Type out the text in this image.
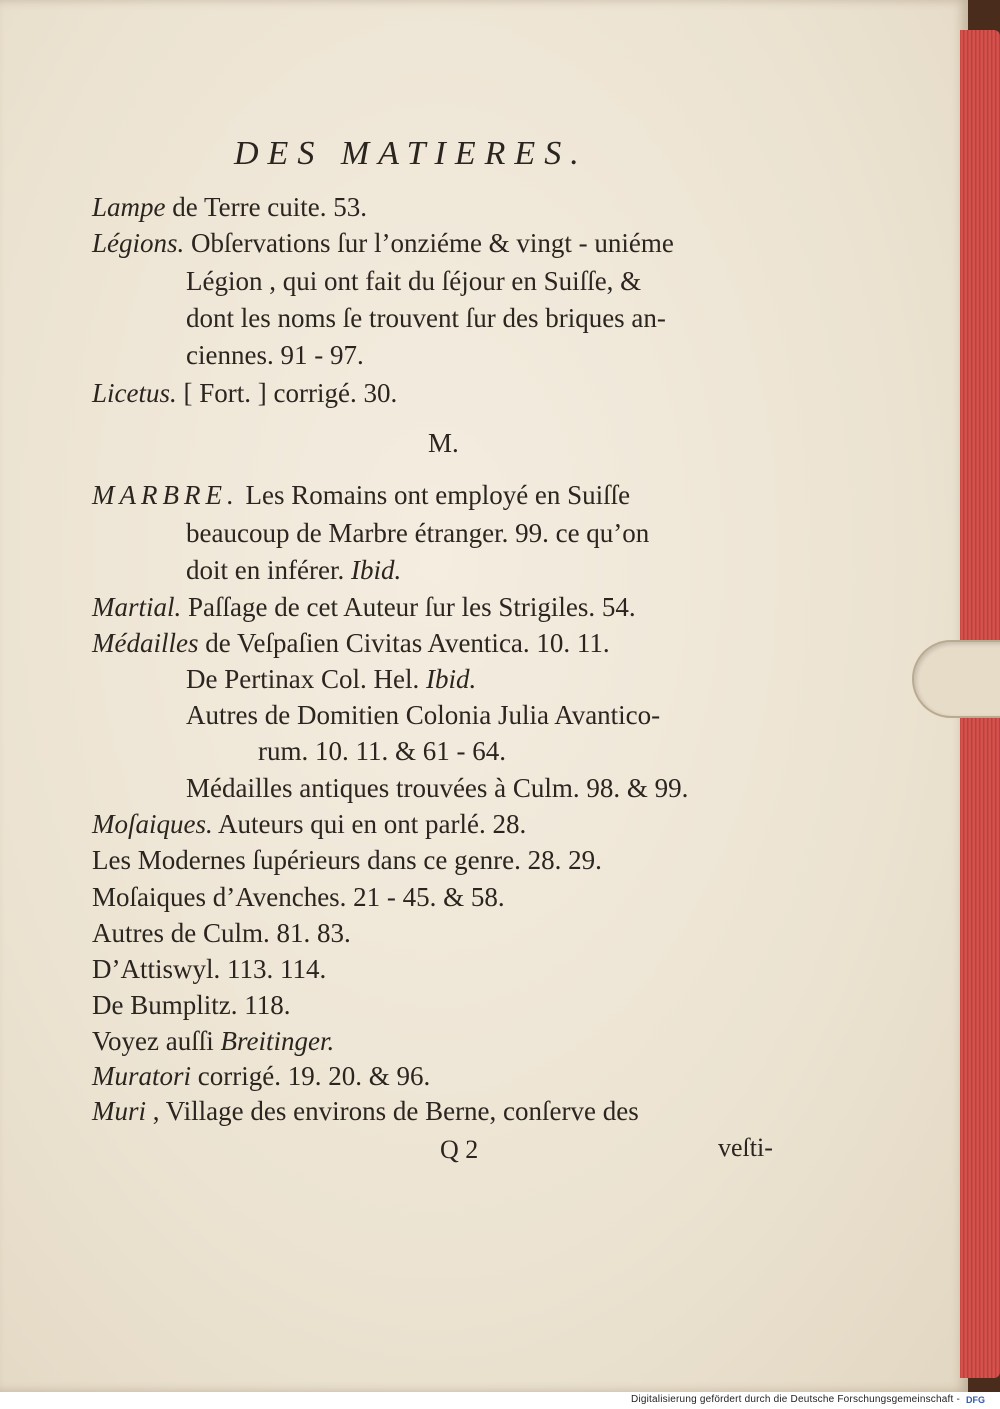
DES MATIERES.
Lampe de Terre cuite. 53.
Légions. Obſervations ſur l’onziéme & vingt - uniéme
Légion , qui ont fait du ſéjour en Suiſſe, &
dont les noms ſe trouvent ſur des briques an-
ciennes. 91 - 97.
Licetus. [ Fort. ] corrigé. 30.
M.
MARBRE. Les Romains ont employé en Suiſſe
beaucoup de Marbre étranger. 99. ce qu’on
doit en inférer. Ibid.
Martial. Paſſage de cet Auteur ſur les Strigiles. 54.
Médailles de Veſpaſien Civitas Aventica. 10. 11.
De Pertinax Col. Hel. Ibid.
Autres de Domitien Colonia Julia Avantico-
rum. 10. 11. & 61 - 64.
Médailles antiques trouvées à Culm. 98. & 99.
Moſaiques. Auteurs qui en ont parlé. 28.
Les Modernes ſupérieurs dans ce genre. 28. 29.
Moſaiques d’Avenches. 21 - 45. & 58.
Autres de Culm. 81. 83.
D’Attiswyl. 113. 114.
De Bumplitz. 118.
Voyez auſſi Breitinger.
Muratori corrigé. 19. 20. & 96.
Muri , Village des environs de Berne, conſerve des
Q 2	veſti-
Digitalisierung gefördert durch die Deutsche Forschungsgemeinschaft - DFG
